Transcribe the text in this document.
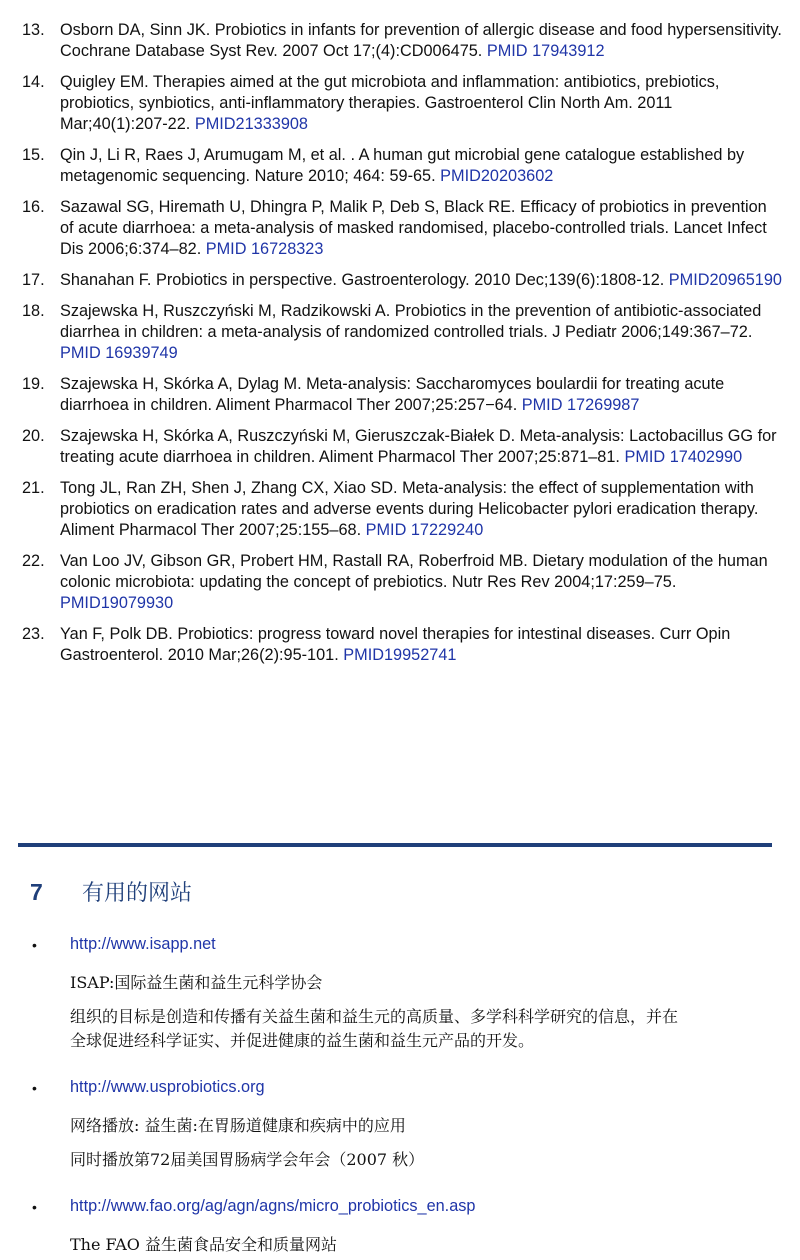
13. Osborn DA, Sinn JK. Probiotics in infants for prevention of allergic disease and food hypersensitivity. Cochrane Database Syst Rev. 2007 Oct 17;(4):CD006475. PMID 17943912
14. Quigley EM. Therapies aimed at the gut microbiota and inflammation: antibiotics, prebiotics, probiotics, synbiotics, anti-inflammatory therapies. Gastroenterol Clin North Am. 2011 Mar;40(1):207-22. PMID21333908
15. Qin J, Li R, Raes J, Arumugam M, et al. . A human gut microbial gene catalogue established by metagenomic sequencing. Nature 2010; 464: 59-65. PMID20203602
16. Sazawal SG, Hiremath U, Dhingra P, Malik P, Deb S, Black RE. Efficacy of probiotics in prevention of acute diarrhoea: a meta-analysis of masked randomised, placebo-controlled trials. Lancet Infect Dis 2006;6:374–82. PMID 16728323
17. Shanahan F. Probiotics in perspective. Gastroenterology. 2010 Dec;139(6):1808-12. PMID20965190
18. Szajewska H, Ruszczyński M, Radzikowski A. Probiotics in the prevention of antibiotic-associated diarrhea in children: a meta-analysis of randomized controlled trials. J Pediatr 2006;149:367–72. PMID 16939749
19. Szajewska H, Skórka A, Dylag M. Meta-analysis: Saccharomyces boulardii for treating acute diarrhoea in children. Aliment Pharmacol Ther 2007;25:257−64. PMID 17269987
20. Szajewska H, Skórka A, Ruszczyński M, Gieruszczak-Białek D. Meta-analysis: Lactobacillus GG for treating acute diarrhoea in children. Aliment Pharmacol Ther 2007;25:871–81. PMID 17402990
21. Tong JL, Ran ZH, Shen J, Zhang CX, Xiao SD. Meta-analysis: the effect of supplementation with probiotics on eradication rates and adverse events during Helicobacter pylori eradication therapy. Aliment Pharmacol Ther 2007;25:155–68. PMID 17229240
22. Van Loo JV, Gibson GR, Probert HM, Rastall RA, Roberfroid MB. Dietary modulation of the human colonic microbiota: updating the concept of prebiotics. Nutr Res Rev 2004;17:259–75. PMID19079930
23. Yan F, Polk DB. Probiotics: progress toward novel therapies for intestinal diseases. Curr Opin Gastroenterol. 2010 Mar;26(2):95-101. PMID19952741
7 有用的网站
• http://www.isapp.net
ISAP:国际益生菌和益生元科学协会
组织的目标是创造和传播有关益生菌和益生元的高质量、多学科科学研究的信息，并在
全球促进经科学证实、并促进健康的益生菌和益生元产品的开发。
• http://www.usprobiotics.org
网络播放: 益生菌:在胃肠道健康和疾病中的应用
同时播放第72届美国胃肠病学会年会（2007 秋）
• http://www.fao.org/ag/agn/agns/micro_probiotics_en.asp
The FAO 益生菌食品安全和质量网站
